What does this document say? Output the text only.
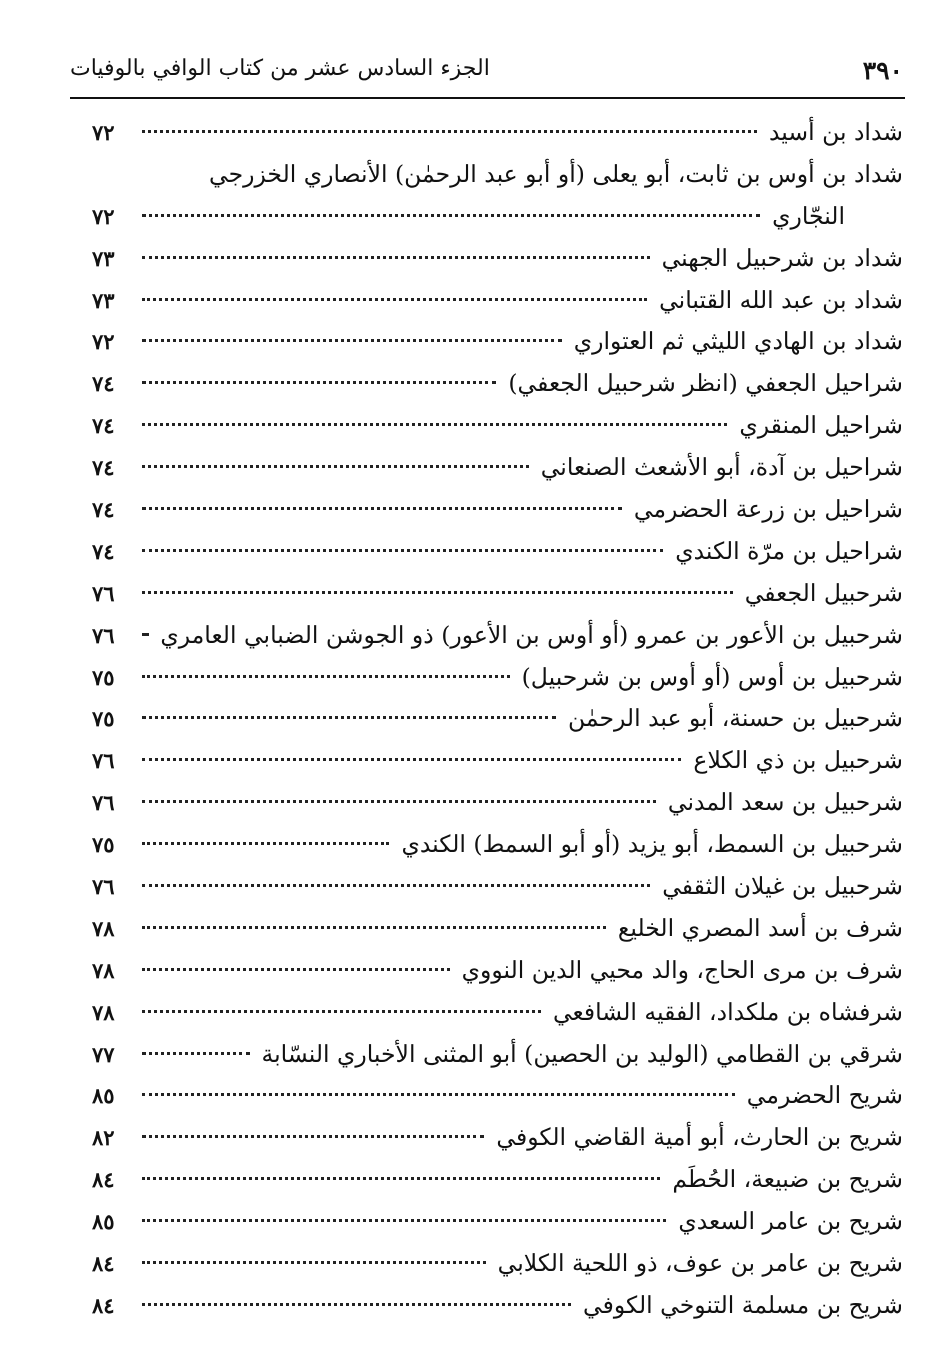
٣٩٠
الجزء السادس عشر من كتاب الوافي بالوفيات
شداد بن أسيد
٧٢
شداد بن أوس بن ثابت، أبو يعلى (أو أبو عبد الرحمٰن) الأنصاري الخزرجي
النجّاري
٧٢
شداد بن شرحبيل الجهني
٧٣
شداد بن عبد الله القتباني
٧٣
شداد بن الهادي الليثي ثم العتواري
٧٢
شراحيل الجعفي (انظر شرحبيل الجعفي)
٧٤
شراحيل المنقري
٧٤
شراحيل بن آدة، أبو الأشعث الصنعاني
٧٤
شراحيل بن زرعة الحضرمي
٧٤
شراحيل بن مرّة الكندي
٧٤
شرحبيل الجعفي
٧٦
شرحبيل بن الأعور بن عمرو (أو أوس بن الأعور) ذو الجوشن الضبابي العامري
٧٦
شرحبيل بن أوس (أو أوس بن شرحبيل)
٧٥
شرحبيل بن حسنة، أبو عبد الرحمٰن
٧٥
شرحبيل بن ذي الكلاع
٧٦
شرحبيل بن سعد المدني
٧٦
شرحبيل بن السمط، أبو يزيد (أو أبو السمط) الكندي
٧٥
شرحبيل بن غيلان الثقفي
٧٦
شرف بن أسد المصري الخليع
٧٨
شرف بن مرى الحاج، والد محيي الدين النووي
٧٨
شرفشاه بن ملكداد، الفقيه الشافعي
٧٨
شرقي بن القطامي (الوليد بن الحصين) أبو المثنى الأخباري النسّابة
٧٧
شريح الحضرمي
٨٥
شريح بن الحارث، أبو أمية القاضي الكوفي
٨٢
شريح بن ضبيعة، الحُطَم
٨٤
شريح بن عامر السعدي
٨٥
شريح بن عامر بن عوف، ذو اللحية الكلابي
٨٤
شريح بن مسلمة التنوخي الكوفي
٨٤
